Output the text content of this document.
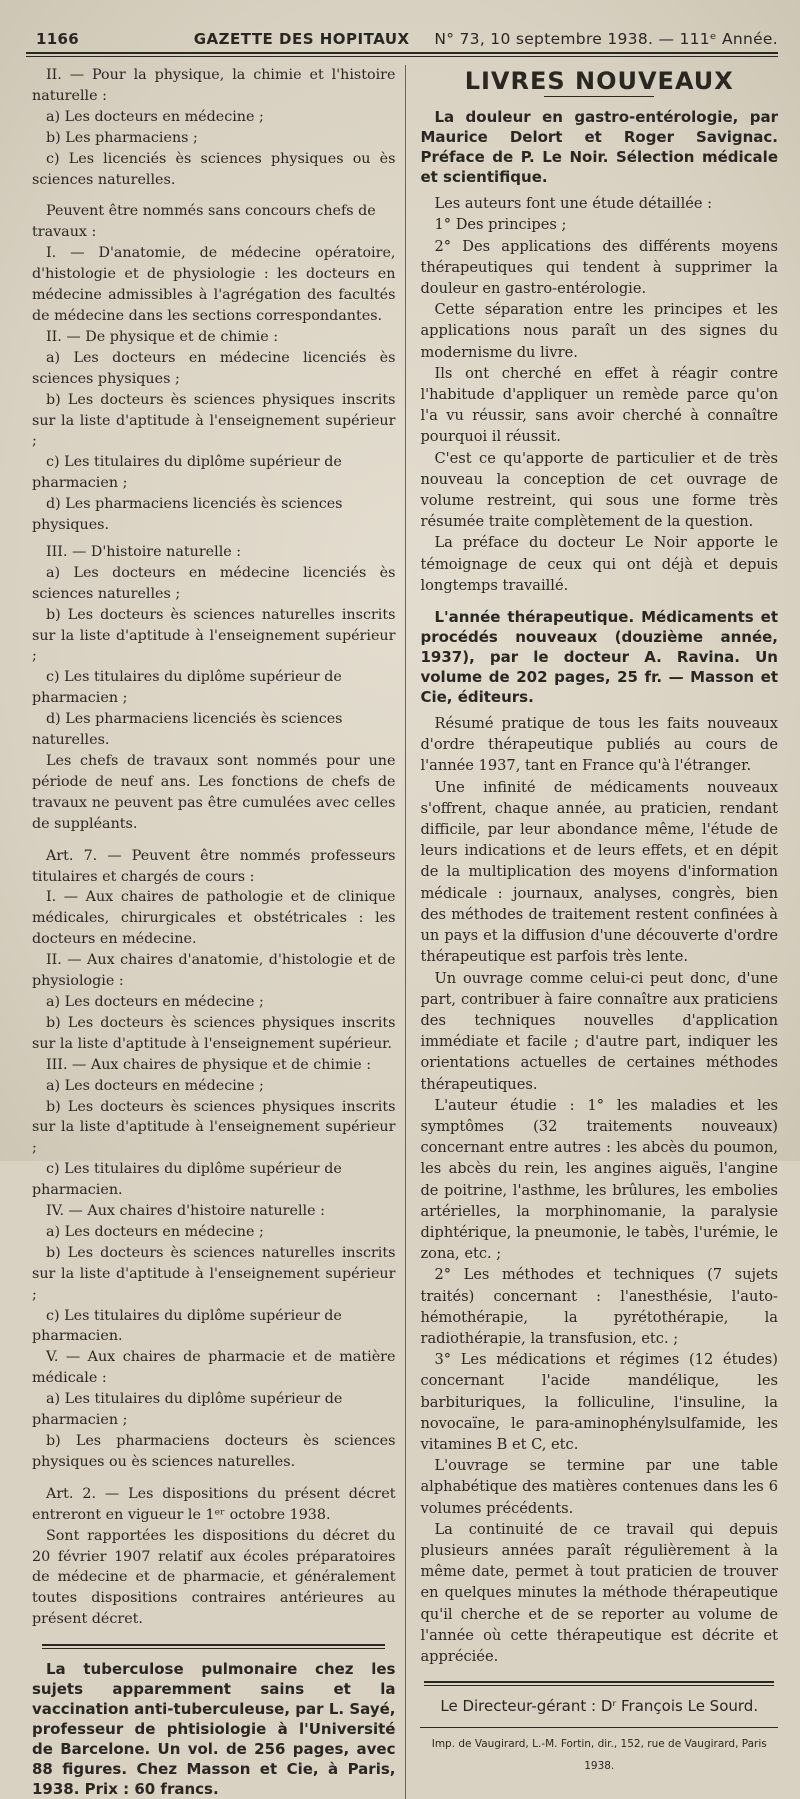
1166	GAZETTE DES HOPITAUX N° 73, 10 septembre 1938. — 111ᵉ Année.

II. — Pour la physique, la chimie et l'histoire naturelle :

a) Les docteurs en médecine ;

b) Les pharmaciens ;

c) Les licenciés ès sciences physiques ou ès sciences naturelles.

Peuvent être nommés sans concours chefs de travaux :

I. — D'anatomie, de médecine opératoire, d'histologie et de physiologie : les docteurs en médecine admissibles à l'agrégation des facultés de médecine dans les sections correspondantes.

II. — De physique et de chimie :

a) Les docteurs en médecine licenciés ès sciences physiques ;

b) Les docteurs ès sciences physiques inscrits sur la liste d'aptitude à l'enseignement supérieur ;

c) Les titulaires du diplôme supérieur de pharmacien ;

d) Les pharmaciens licenciés ès sciences physiques.

III. — D'histoire naturelle :

a) Les docteurs en médecine licenciés ès sciences naturelles ;

b) Les docteurs ès sciences naturelles inscrits sur la liste d'aptitude à l'enseignement supérieur ;

c) Les titulaires du diplôme supérieur de pharmacien ;

d) Les pharmaciens licenciés ès sciences naturelles.

Les chefs de travaux sont nommés pour une période de neuf ans. Les fonctions de chefs de travaux ne peuvent pas être cumulées avec celles de suppléants.

Art. 7. — Peuvent être nommés professeurs titulaires et chargés de cours :

I. — Aux chaires de pathologie et de clinique médicales, chirurgicales et obstétricales : les docteurs en médecine.

II. — Aux chaires d'anatomie, d'histologie et de physiologie :

a) Les docteurs en médecine ;

b) Les docteurs ès sciences physiques inscrits sur la liste d'aptitude à l'enseignement supérieur.

III. — Aux chaires de physique et de chimie :

a) Les docteurs en médecine ;

b) Les docteurs ès sciences physiques inscrits sur la liste d'aptitude à l'enseignement supérieur ;

c) Les titulaires du diplôme supérieur de pharmacien.

IV. — Aux chaires d'histoire naturelle :

a) Les docteurs en médecine ;

b) Les docteurs ès sciences naturelles inscrits sur la liste d'aptitude à l'enseignement supérieur ;

c) Les titulaires du diplôme supérieur de pharmacien.

V. — Aux chaires de pharmacie et de matière médicale :

a) Les titulaires du diplôme supérieur de pharmacien ;

b) Les pharmaciens docteurs ès sciences physiques ou ès sciences naturelles.

Art. 2. — Les dispositions du présent décret entreront en vigueur le 1ᵉʳ octobre 1938.

Sont rapportées les dispositions du décret du 20 février 1907 relatif aux écoles préparatoires de médecine et de pharmacie, et généralement toutes dispositions contraires antérieures au présent décret.

La tuberculose pulmonaire chez les sujets apparemment sains et la vaccination anti-tuberculeuse, par L. Sayé, professeur de phtisiologie à l'Université de Barcelone. Un vol. de 256 pages, avec 88 figures. Chez Masson et Cie, à Paris, 1938. Prix : 60 francs.

LIVRES NOUVEAUX

La douleur en gastro-entérologie, par Maurice Delort et Roger Savignac. Préface de P. Le Noir. Sélection médicale et scientifique.

Les auteurs font une étude détaillée :

1° Des principes ;

2° Des applications des différents moyens thérapeutiques qui tendent à supprimer la douleur en gastro-entérologie.

Cette séparation entre les principes et les applications nous paraît un des signes du modernisme du livre.

Ils ont cherché en effet à réagir contre l'habitude d'appliquer un remède parce qu'on l'a vu réussir, sans avoir cherché à connaître pourquoi il réussit.

C'est ce qu'apporte de particulier et de très nouveau la conception de cet ouvrage de volume restreint, qui sous une forme très résumée traite complètement de la question.

La préface du docteur Le Noir apporte le témoignage de ceux qui ont déjà et depuis longtemps travaillé.

L'année thérapeutique. Médicaments et procédés nouveaux (douzième année, 1937), par le docteur A. Ravina. Un volume de 202 pages, 25 fr. — Masson et Cie, éditeurs.

Résumé pratique de tous les faits nouveaux d'ordre thérapeutique publiés au cours de l'année 1937, tant en France qu'à l'étranger.

Une infinité de médicaments nouveaux s'offrent, chaque année, au praticien, rendant difficile, par leur abondance même, l'étude de leurs indications et de leurs effets, et en dépit de la multiplication des moyens d'information médicale : journaux, analyses, congrès, bien des méthodes de traitement restent confinées à un pays et la diffusion d'une découverte d'ordre thérapeutique est parfois très lente.

Un ouvrage comme celui-ci peut donc, d'une part, contribuer à faire connaître aux praticiens des techniques nouvelles d'application immédiate et facile ; d'autre part, indiquer les orientations actuelles de certaines méthodes thérapeutiques.

L'auteur étudie : 1° les maladies et les symptômes (32 traitements nouveaux) concernant entre autres : les abcès du poumon, les abcès du rein, les angines aiguës, l'angine de poitrine, l'asthme, les brûlures, les embolies artérielles, la morphinomanie, la paralysie diphtérique, la pneumonie, le tabès, l'urémie, le zona, etc. ;

2° Les méthodes et techniques (7 sujets traités) concernant : l'anesthésie, l'auto-hémothérapie, la pyrétothérapie, la radiothérapie, la transfusion, etc. ;

3° Les médications et régimes (12 études) concernant l'acide mandélique, les barbituriques, la folliculine, l'insuline, la novocaïne, le para-aminophénylsulfamide, les vitamines B et C, etc.

L'ouvrage se termine par une table alphabétique des matières contenues dans les 6 volumes précédents.

La continuité de ce travail qui depuis plusieurs années paraît régulièrement à la même date, permet à tout praticien de trouver en quelques minutes la méthode thérapeutique qu'il cherche et de se reporter au volume de l'année où cette thérapeutique est décrite et appréciée.

Le Directeur-gérant : Dʳ François Le Sourd.
Imp. de Vaugirard, L.-M. Fortin, dir., 152, rue de Vaugirard, Paris 1938.
